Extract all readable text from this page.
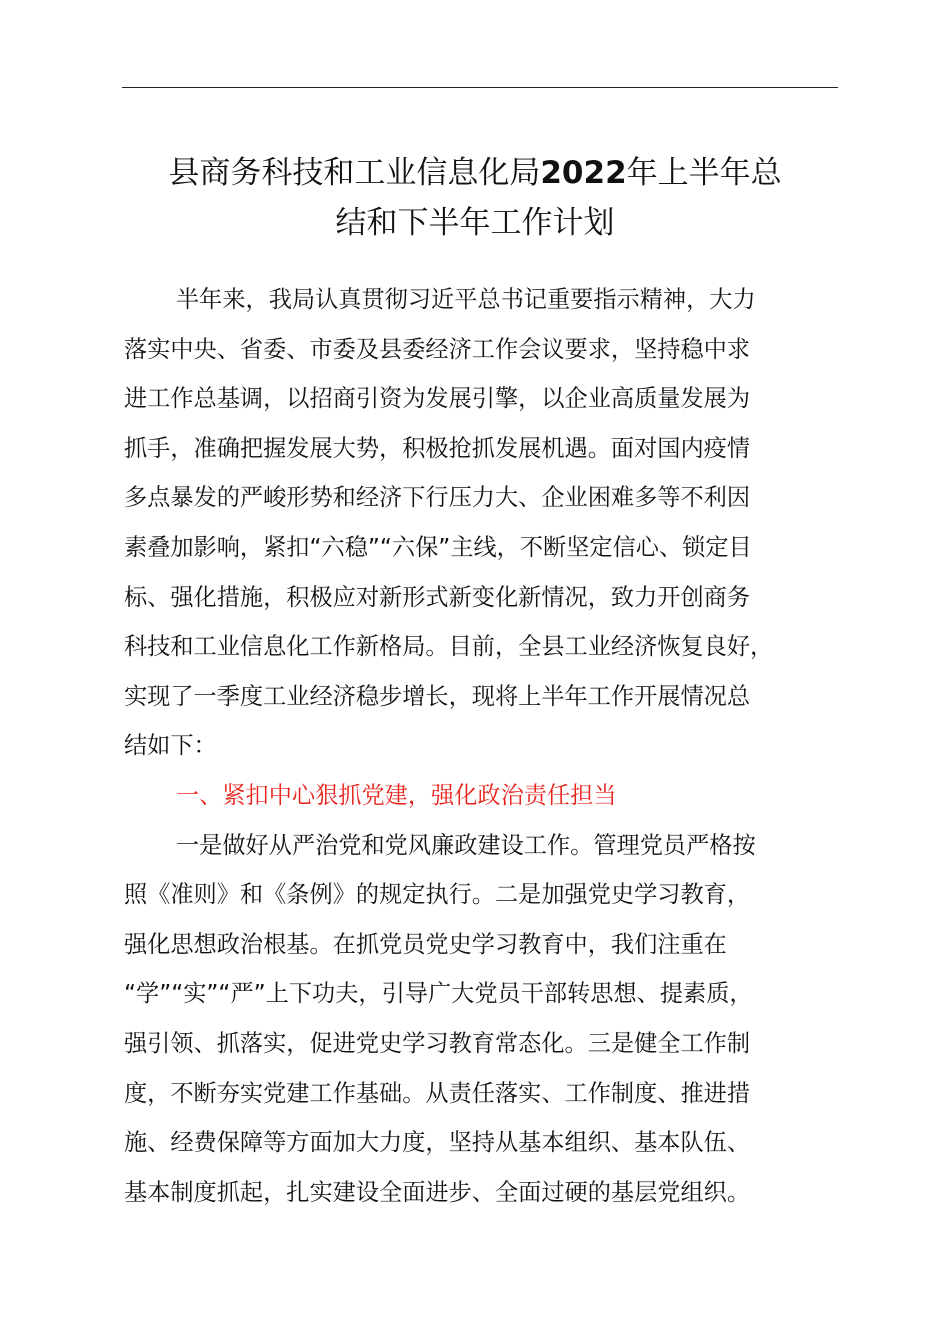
县商务科技和工业信息化局2022年上半年总
结和下半年工作计划
半年来，我局认真贯彻习近平总书记重要指示精神，大力
落实中央、省委、市委及县委经济工作会议要求，坚持稳中求
进工作总基调，以招商引资为发展引擎，以企业高质量发展为
抓手，准确把握发展大势，积极抢抓发展机遇。面对国内疫情
多点暴发的严峻形势和经济下行压力大、企业困难多等不利因
素叠加影响，紧扣“六稳”“六保”主线，不断坚定信心、锁定目
标、强化措施，积极应对新形式新变化新情况，致力开创商务
科技和工业信息化工作新格局。目前，全县工业经济恢复良好，
实现了一季度工业经济稳步增长，现将上半年工作开展情况总
结如下：
一、紧扣中心狠抓党建，强化政治责任担当
一是做好从严治党和党风廉政建设工作。管理党员严格按
照《准则》和《条例》的规定执行。二是加强党史学习教育，
强化思想政治根基。在抓党员党史学习教育中，我们注重在
“学”“实”“严”上下功夫，引导广大党员干部转思想、提素质，
强引领、抓落实，促进党史学习教育常态化。三是健全工作制
度，不断夯实党建工作基础。从责任落实、工作制度、推进措
施、经费保障等方面加大力度，坚持从基本组织、基本队伍、
基本制度抓起，扎实建设全面进步、全面过硬的基层党组织。
